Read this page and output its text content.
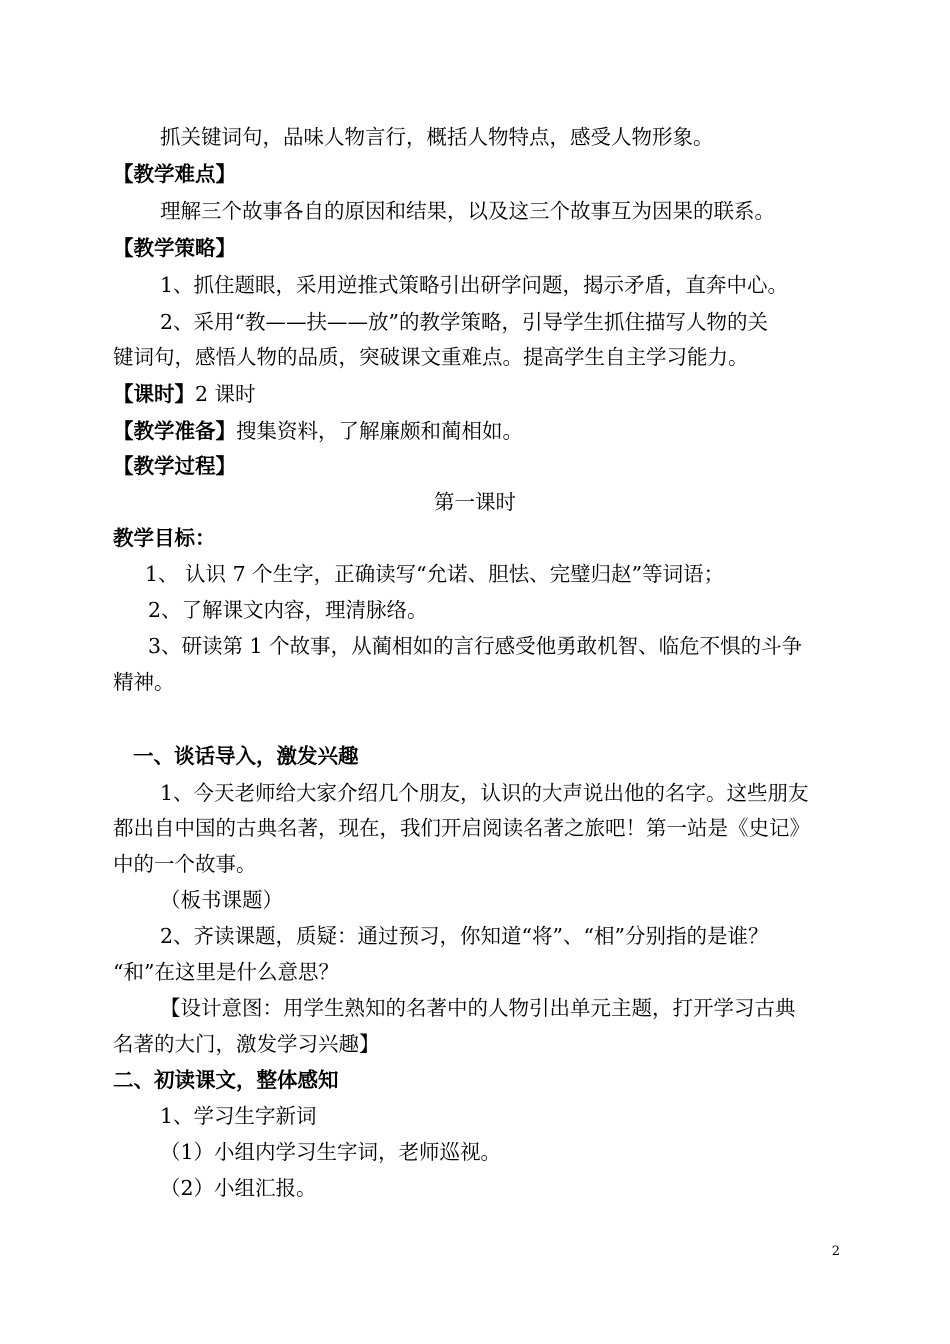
抓关键词句，品味人物言行，概括人物特点，感受人物形象。
【教学难点】
理解三个故事各自的原因和结果，以及这三个故事互为因果的联系。
【教学策略】
1、抓住题眼，采用逆推式策略引出研学问题，揭示矛盾，直奔中心。
2、采用“教——扶——放”的教学策略，引导学生抓住描写人物的关
键词句，感悟人物的品质，突破课文重难点。提高学生自主学习能力。
【课时】2 课时
【教学准备】搜集资料，了解廉颇和蔺相如。
【教学过程】
第一课时
教学目标：
1、 认识 7 个生字，正确读写“允诺、胆怯、完璧归赵”等词语；
2、了解课文内容，理清脉络。
3、研读第 1 个故事，从蔺相如的言行感受他勇敢机智、临危不惧的斗争
精神。
一、谈话导入，激发兴趣
1、今天老师给大家介绍几个朋友，认识的大声说出他的名字。这些朋友
都出自中国的古典名著，现在，我们开启阅读名著之旅吧！第一站是《史记》
中的一个故事。
（板书课题）
2、齐读课题，质疑：通过预习，你知道“将”、“相”分别指的是谁？
“和”在这里是什么意思？
【设计意图：用学生熟知的名著中的人物引出单元主题，打开学习古典
名著的大门，激发学习兴趣】
二、初读课文，整体感知
1、学习生字新词
（1）小组内学习生字词，老师巡视。
（2）小组汇报。
2
